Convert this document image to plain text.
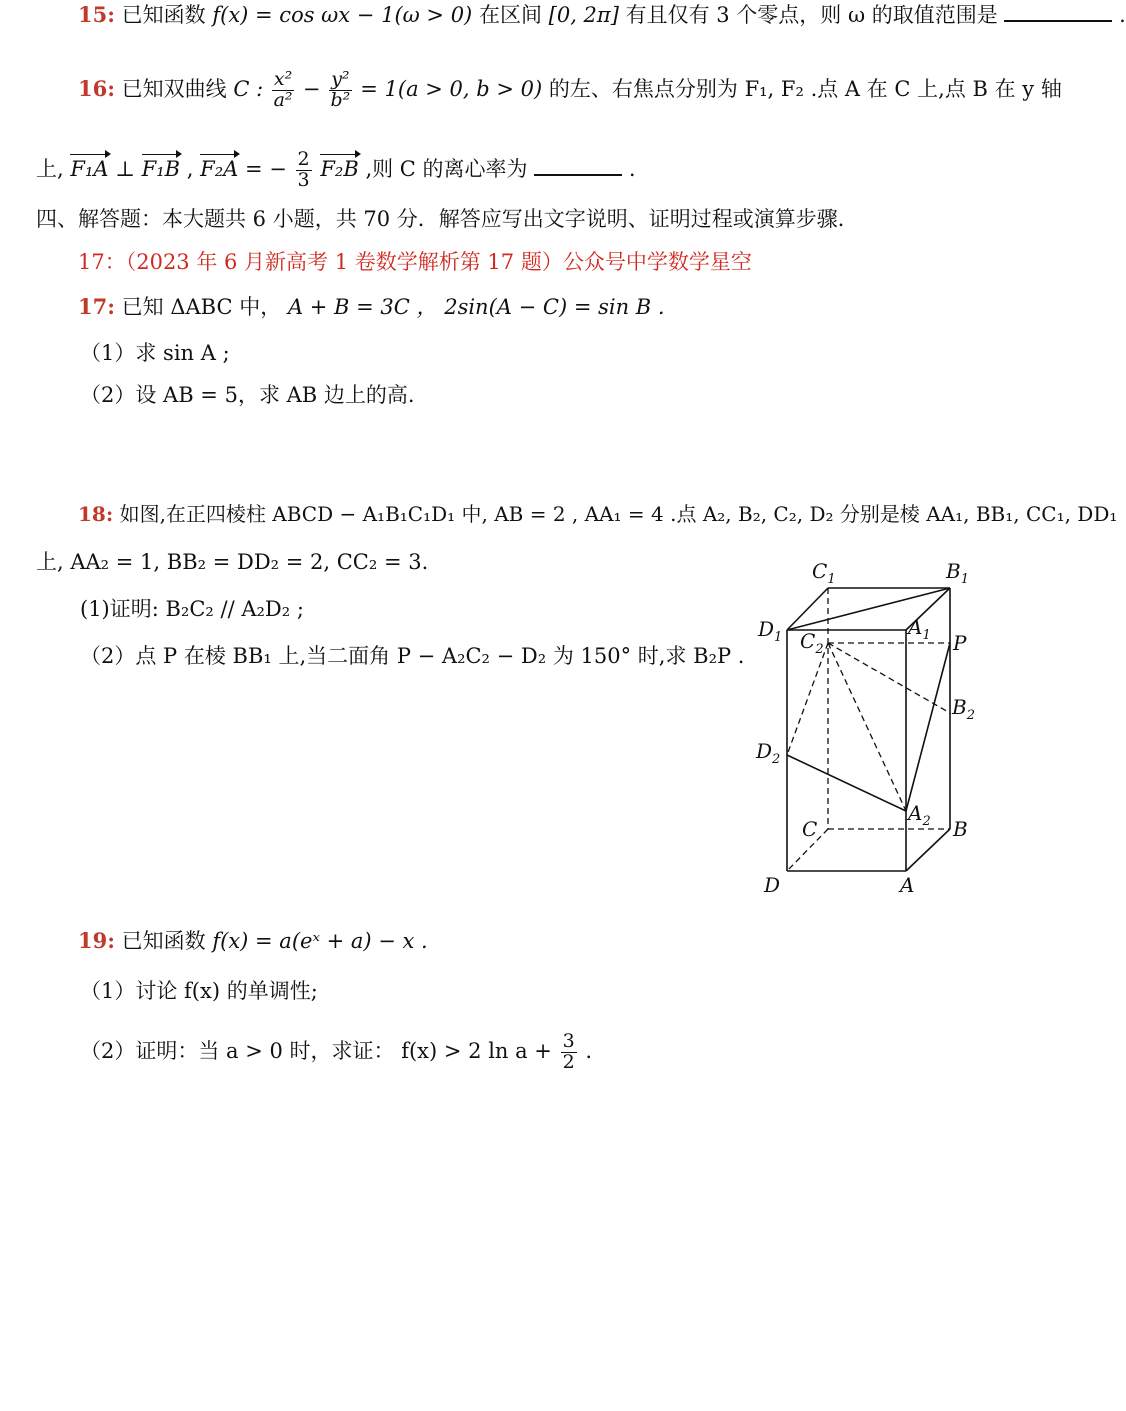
15: 已知函数 f(x) = cos ωx − 1(ω > 0) 在区间 [0, 2π] 有且仅有 3 个零点，则 ω 的取值范围是	.
16: 已知双曲线 C : $\frac{\text{x²}}{\text{a²}} - \frac{\text{y²}}{\text{b²}} = 1(a > 0$, b > 0) 的左、右焦点分别为 F₁, F₂ .点 A 在 C 上,点 B 在 y 轴
上, F₁A ⊥ F₁B , F₂A = − $\frac{2}{3} F_2B$ ,则 C 的离心率为	.
四、解答题：本大题共 6 小题，共 70 分．解答应写出文字说明、证明过程或演算步骤．
17：（2023 年 6 月新高考 1 卷数学解析第 17 题）公众号中学数学星空
17: 已知 ΔABC 中， A + B = 3C ， 2sin(A − C) = sin B .
（1）求 sin A ;
（2）设 AB = 5，求 AB 边上的高.
18: 如图,在正四棱柱 ABCD − A₁B₁C₁D₁ 中, AB = 2 , AA₁ = 4 .点 A₂, B₂, C₂, D₂ 分别是棱 AA₁, BB₁, CC₁, DD₁
上, AA₂ = 1, BB₂ = DD₂ = 2, CC₂ = 3.
(1)证明: B₂C₂ // A₂D₂ ;
（2）点 P 在棱 BB₁ 上,当二面角 P − A₂C₂ − D₂ 为 150° 时,求 B₂P .
$C_1$	$B_1$
$D_1$ $C_2$
$A_1$ P
$B_2$
$D_2$
$A_2$
C	B
D	A
19: 已知函数 f(x) = a(eˣ + a) − x .
（1）讨论 f(x) 的单调性;
（2）证明：当 a > 0 时，求证： f(x) > 2 $\ln a + \frac{3}{2}$ .
